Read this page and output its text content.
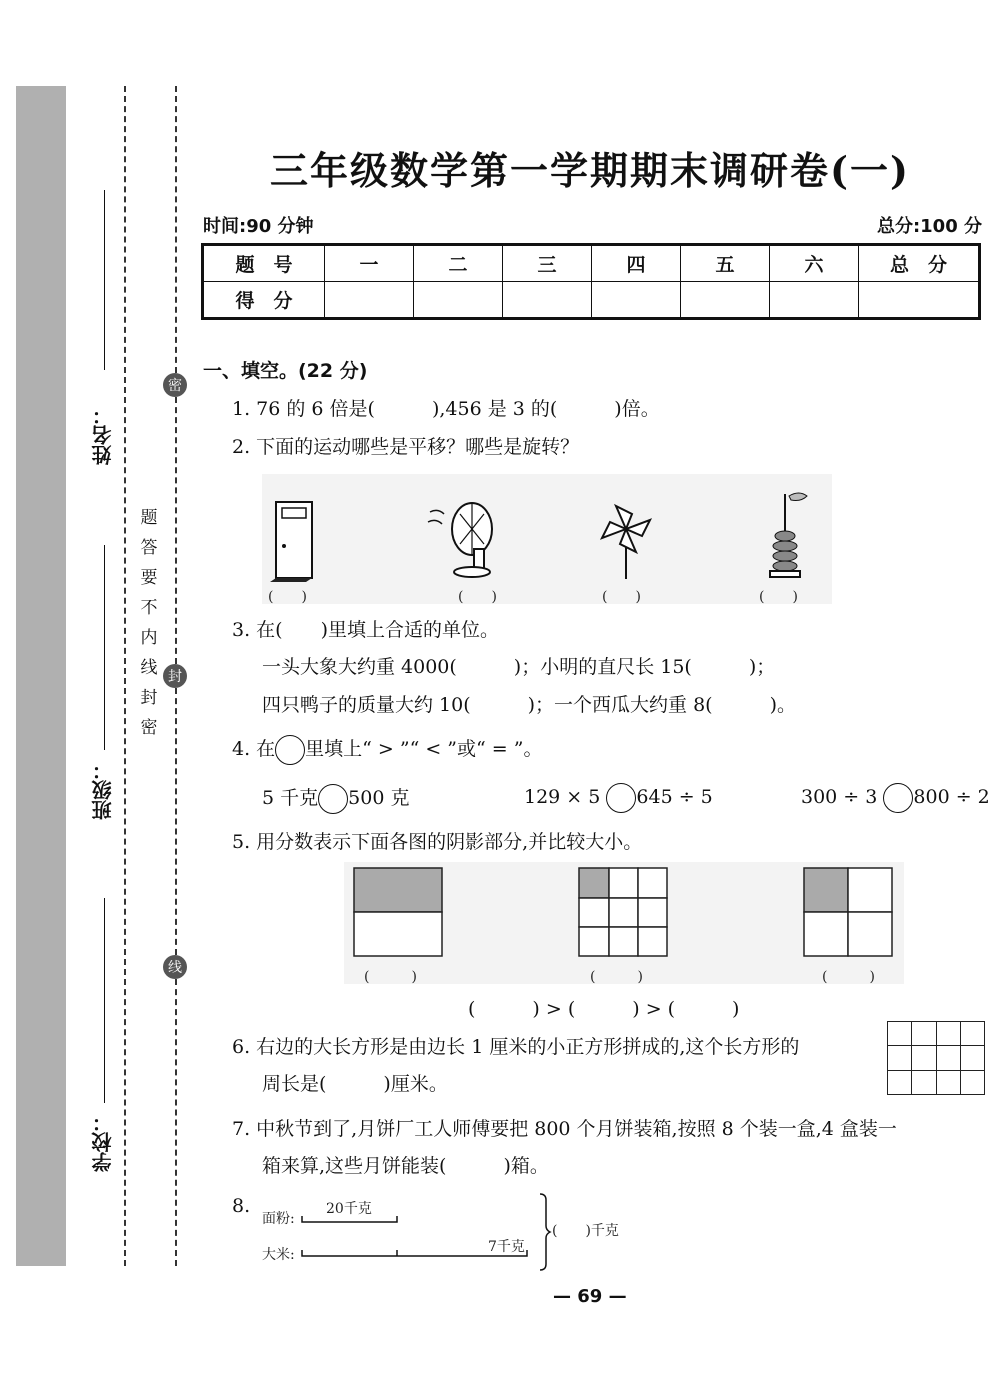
姓名：
班级：
学校：
密
封
线
题
答
要
不
内
线
封
密
三年级数学第一学期期末调研卷(一)
时间:90 分钟	总分:100 分
题　号	一	二	三	四	五	六	总　分
得　分							
一、填空。(22 分)
1. 76 的 6 倍是(　　　),456 是 3 的(　　　)倍。
2. 下面的运动哪些是平移？哪些是旋转？
(　　)	(　　)	(　　)	(　　)
3. 在(　　)里填上合适的单位。
一头大象大约重 4000(　　　)；小明的直尺长 15(　　　)；
四只鸭子的质量大约 10(　　　)；一个西瓜大约重 8(　　　)。
4. 在 里填上“ > ”“ < ”或“ = ”。
5 千克 500 克	129 × 5 645 ÷ 5	300 ÷ 3 800 ÷ 2
5. 用分数表示下面各图的阴影部分,并比较大小。
(　　　)	(　　　)	(　　　)
(　　　) > (　　　) > (　　　)
6. 右边的大长方形是由边长 1 厘米的小正方形拼成的,这个长方形的
周长是(　　　)厘米。

7. 中秋节到了,月饼厂工人师傅要把 800 个月饼装箱,按照 8 个装一盒,4 盒装一
箱来算,这些月饼能装(　　　)箱。
8.
面粉:
20千克
大米:	7千克
(　　)千克
— 69 —
